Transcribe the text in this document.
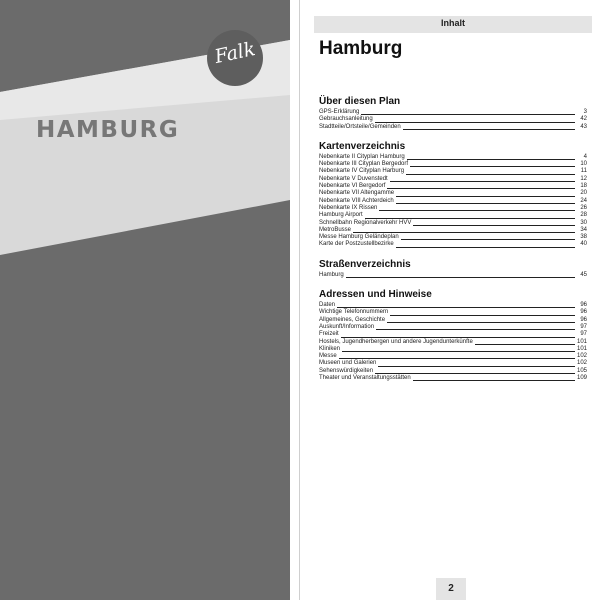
Falk
HAMBURG
Inhalt
Hamburg
Über diesen Plan
GPS-Erklärung	3
Gebrauchsanleitung	42
Stadtteile/Ortsteile/Gemeinden	43
Kartenverzeichnis
Nebenkarte II Cityplan Hamburg	4
Nebenkarte III Cityplan Bergedorf	10
Nebenkarte IV Cityplan Harburg	11
Nebenkarte V Duvenstedt	12
Nebenkarte VI Bergedorf	18
Nebenkarte VII Altengamme	20
Nebenkarte VIII Achterdeich	24
Nebenkarte IX Rissen	26
Hamburg Airport	28
Schnellbahn Regionalverkehr HVV	30
MetroBusse	34
Messe Hamburg Geländeplan	38
Karte der Postzustellbezirke	40
Straßenverzeichnis
Hamburg	45
Adressen und Hinweise
Daten	96
Wichtige Telefonnummern	96
Allgemeines, Geschichte	96
Auskunft/Information	97
Freizeit	97
Hostels, Jugendherbergen und andere Jugendunterkünfte	101
Kliniken	101
Messe	102
Museen und Galerien	102
Sehenswürdigkeiten	105
Theater und Veranstaltungsstätten	109
2
